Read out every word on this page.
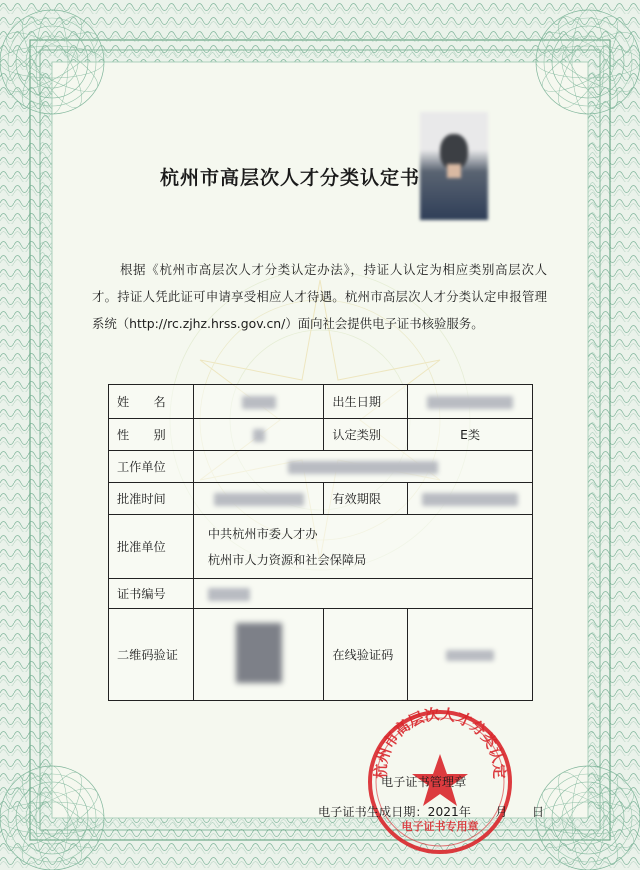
杭州市高层次人才分类认定书
根据《杭州市高层次人才分类认定办法》，持证人认定为相应类别高层次人才。持证人凭此证可申请享受相应人才待遇。杭州市高层次人才分类认定申报管理系统（http://rc.zjhz.hrss.gov.cn/）面向社会提供电子证书核验服务。
姓　　名		出生日期	
性　　别		认定类别	E类
工作单位			
批准时间		有效期限	
批准单位	中共杭州市委人才办
杭州市人力资源和社会保障局		

证书编号			
二维码验证		在线验证码	
杭州市高层次人才分类认定
电子证书专用章
电子证书管理章
电子证书生成日期：2021年　　月　　日
